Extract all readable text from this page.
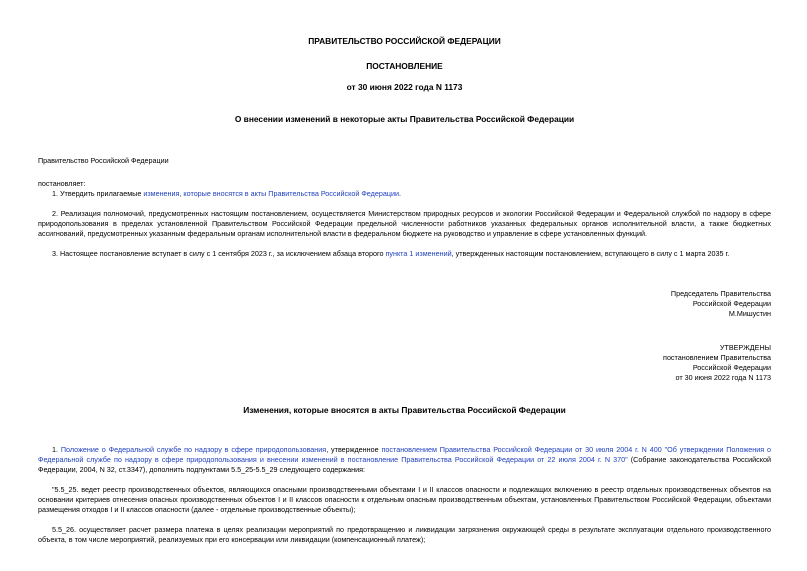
ПРАВИТЕЛЬСТВО РОССИЙСКОЙ ФЕДЕРАЦИИ
ПОСТАНОВЛЕНИЕ
от 30 июня 2022 года N 1173
О внесении изменений в некоторые акты Правительства Российской Федерации
Правительство Российской Федерации
постановляет:
1. Утвердить прилагаемые изменения, которые вносятся в акты Правительства Российской Федерации.
2. Реализация полномочий, предусмотренных настоящим постановлением, осуществляется Министерством природных ресурсов и экологии Российской Федерации и Федеральной службой по надзору в сфере природопользования в пределах установленной Правительством Российской Федерации предельной численности работников указанных федеральных органов исполнительной власти, а также бюджетных ассигнований, предусмотренных указанным федеральным органам исполнительной власти в федеральном бюджете на руководство и управление в сфере установленных функций.
3. Настоящее постановление вступает в силу с 1 сентября 2023 г., за исключением абзаца второго пункта 1 изменений, утвержденных настоящим постановлением, вступающего в силу с 1 марта 2035 г.
Председатель Правительства
Российской Федерации
М.Мишустин
УТВЕРЖДЕНЫ
постановлением Правительства
Российской Федерации
от 30 июня 2022 года N 1173
Изменения, которые вносятся в акты Правительства Российской Федерации
1. Положение о Федеральной службе по надзору в сфере природопользования, утвержденное постановлением Правительства Российской Федерации от 30 июля 2004 г. N 400 "Об утверждении Положения о Федеральной службе по надзору в сфере природопользования и внесении изменений в постановление Правительства Российской Федерации от 22 июля 2004 г. N 370" (Собрание законодательства Российской Федерации, 2004, N 32, ст.3347), дополнить подпунктами 5.5_25-5.5_29 следующего содержания:
"5.5_25. ведет реестр производственных объектов, являющихся опасными производственными объектами I и II классов опасности и подлежащих включению в реестр отдельных производственных объектов на основании критериев отнесения опасных производственных объектов I и II классов опасности к отдельным опасным производственным объектам, установленных Правительством Российской Федерации, объектами размещения отходов I и II классов опасности (далее - отдельные производственные объекты);
5.5_26. осуществляет расчет размера платежа в целях реализации мероприятий по предотвращению и ликвидации загрязнения окружающей среды в результате эксплуатации отдельного производственного объекта, в том числе мероприятий, реализуемых при его консервации или ликвидации (компенсационный платеж);
